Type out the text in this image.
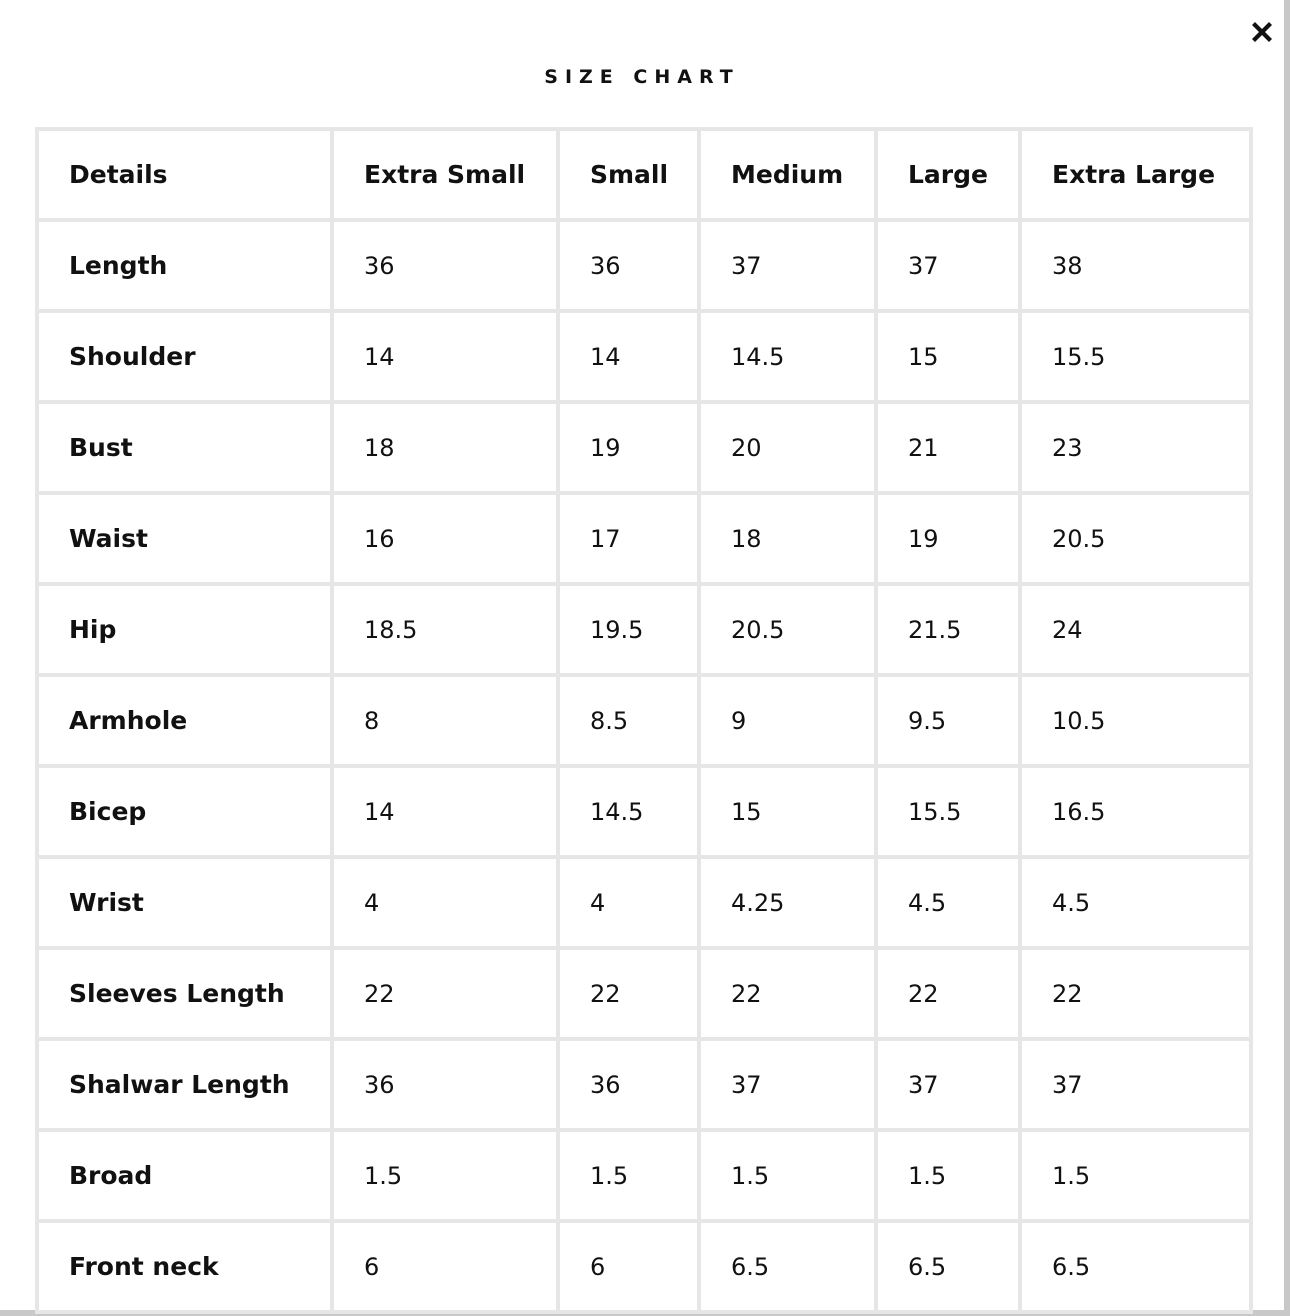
SIZE CHART
Details	Extra Small	Small	Medium	Large	Extra Large
Length	36	36	37	37	38
Shoulder	14	14	14.5	15	15.5
Bust	18	19	20	21	23
Waist	16	17	18	19	20.5
Hip	18.5	19.5	20.5	21.5	24
Armhole	8	8.5	9	9.5	10.5
Bicep	14	14.5	15	15.5	16.5
Wrist	4	4	4.25	4.5	4.5
Sleeves Length	22	22	22	22	22
Shalwar Length	36	36	37	37	37
Broad	1.5	1.5	1.5	1.5	1.5
Front neck	6	6	6.5	6.5	6.5
